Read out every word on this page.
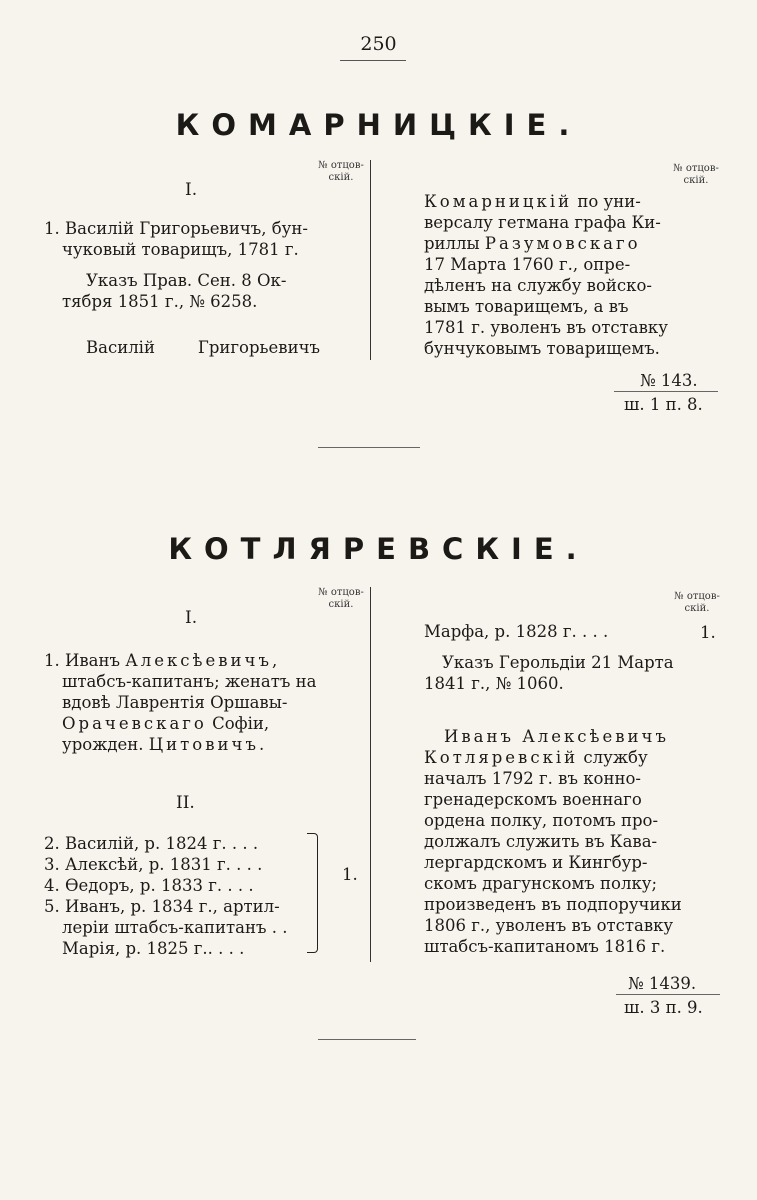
250
КОМАРНИЦКІЕ.
№ отцов-
скій.
№ отцов-
скій.
I.
1. Василій Григорьевичъ, бун-
чуковый товарищъ, 1781 г.
Указъ Прав. Сен. 8 Ок-
тября 1851 г., № 6258.
Василій	Григорьевичъ
Комарницкій по уни-
версалу гетмана графа Ки-
риллы Разумовскаго
17 Марта 1760 г., опре-
дѣленъ на службу войско-
вымъ товарищемъ, а въ
1781 г. уволенъ въ отставку
бунчуковымъ товарищемъ.
№ 143.
ш. 1 п. 8.
КОТЛЯРЕВСКІЕ.
№ отцов-
скій.
№ отцов-
скій.
I.
1. Иванъ Алексѣевичъ,
штабсъ-капитанъ; женатъ на
вдовѣ Лаврентія Оршавы-
Орачевскаго Софіи,
урожден. Цитовичъ.
II.
2. Василій, р. 1824 г. . . .
3. Алексѣй, р. 1831 г. . . .
4. Ѳедоръ, р. 1833 г. . . .
5. Иванъ, р. 1834 г., артил-
леріи штабсъ-капитанъ . .
Марія, р. 1825 г.. . . .
1.
Марфа, р. 1828 г. . . .	1.
Указъ Герольдіи 21 Марта
1841 г., № 1060.
Иванъ Алексѣевичъ
Котляревскій службу
началъ 1792 г. въ конно-
гренадерскомъ военнаго
ордена полку, потомъ про-
должалъ служить въ Кава-
лергардскомъ и Кингбур-
скомъ драгунскомъ полку;
произведенъ въ подпоручики
1806 г., уволенъ въ отставку
штабсъ-капитаномъ 1816 г.
№ 1439.
ш. 3 п. 9.
